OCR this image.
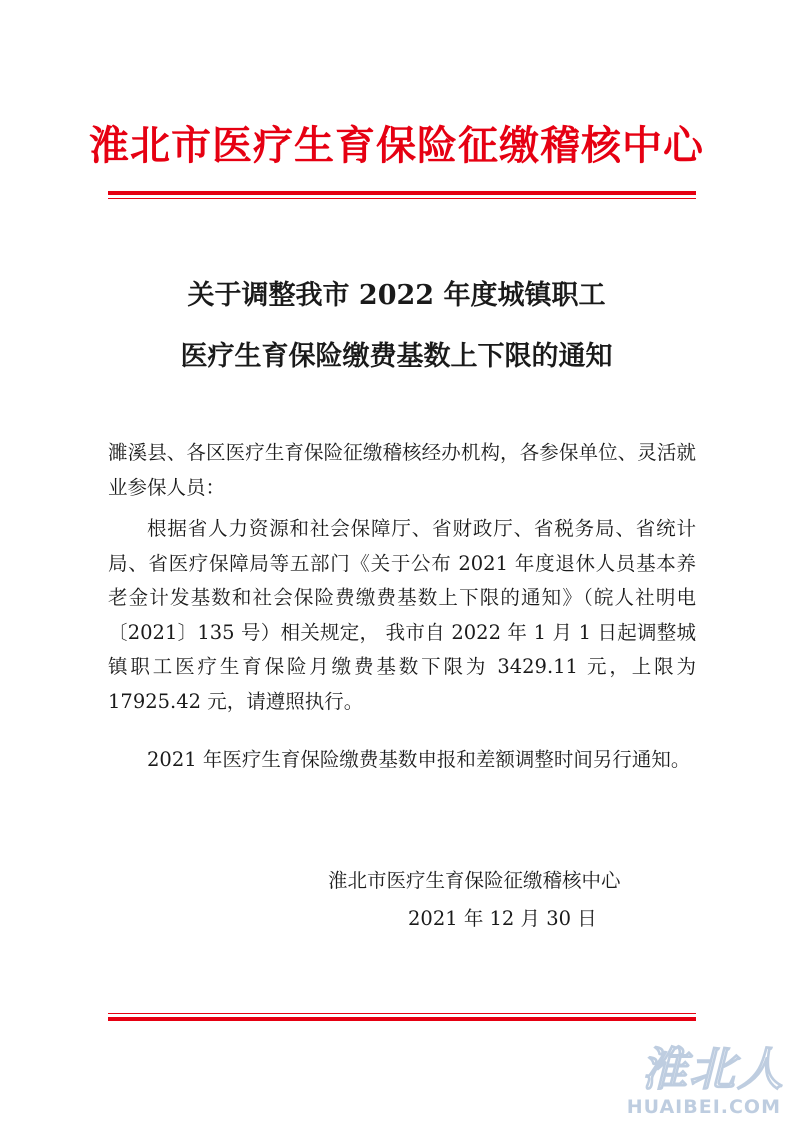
淮北市医疗生育保险征缴稽核中心
关于调整我市 2022 年度城镇职工
医疗生育保险缴费基数上下限的通知

濉溪县、各区医疗生育保险征缴稽核经办机构，各参保单位、灵活就业参保人员：

根据省人力资源和社会保障厅、省财政厅、省税务局、省统计局、省医疗保障局等五部门《关于公布 2021 年度退休人员基本养老金计发基数和社会保险费缴费基数上下限的通知》（皖人社明电〔2021〕135 号）相关规定， 我市自 2022 年 1 月 1 日起调整城镇职工医疗生育保险月缴费基数下限为 3429.11 元，上限为 17925.42 元，请遵照执行。

2021 年医疗生育保险缴费基数申报和差额调整时间另行通知。

淮北市医疗生育保险征缴稽核中心
2021 年 12 月 30 日
淮北人
HUAIBEI.COM
